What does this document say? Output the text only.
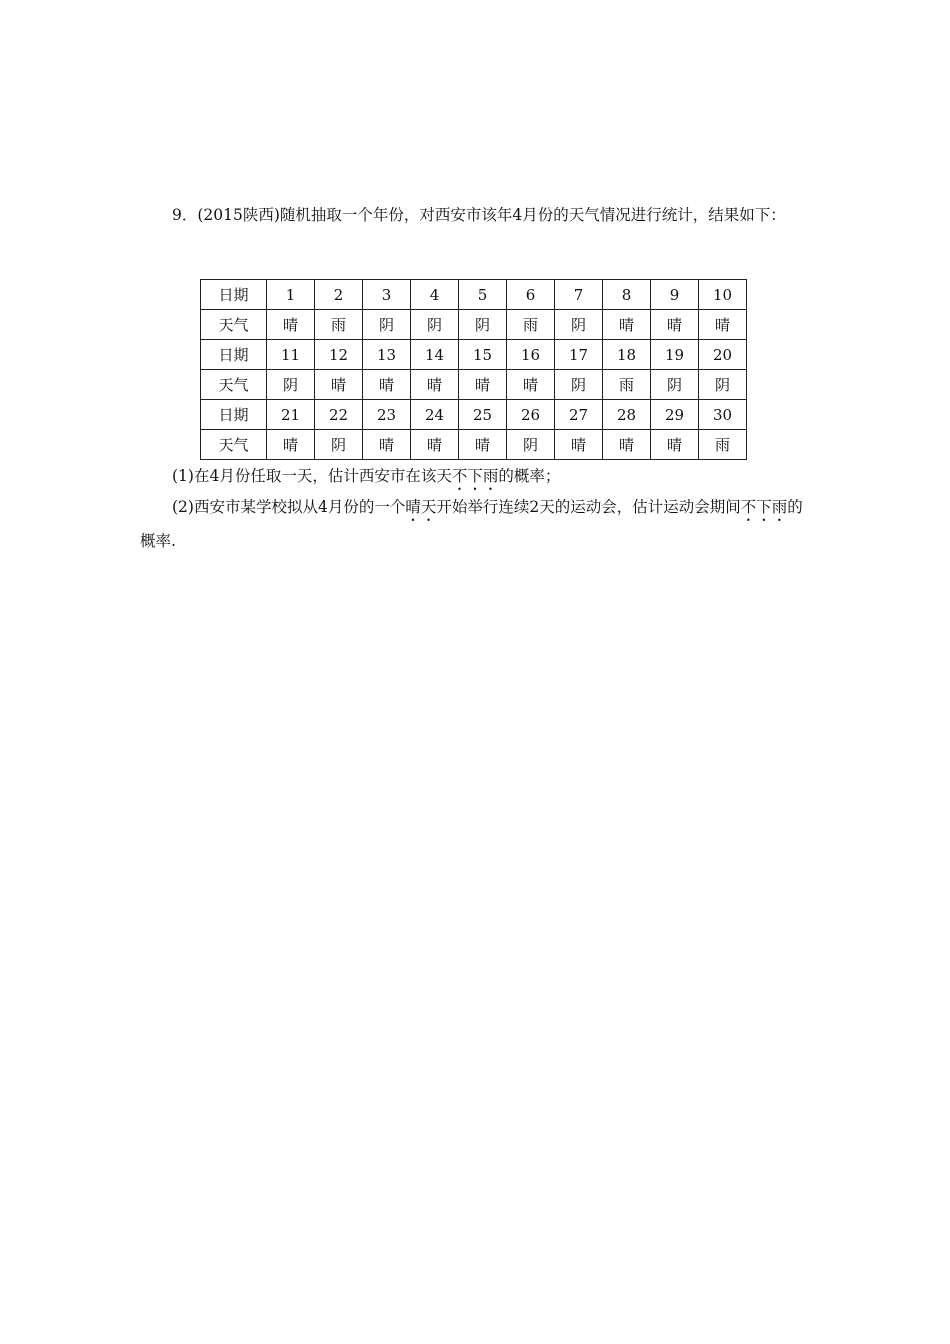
9．(2015陕西)随机抽取一个年份，对西安市该年4月份的天气情况进行统计，结果如下：

日期	1	2	3	4	5	6	7	8	9	10
天气	晴	雨	阴	阴	阴	雨	阴	晴	晴	晴
日期	11	12	13	14	15	16	17	18	19	20
天气	阴	晴	晴	晴	晴	晴	阴	雨	阴	阴
日期	21	22	23	24	25	26	27	28	29	30
天气	晴	阴	晴	晴	晴	阴	晴	晴	晴	雨

(1)在4月份任取一天，估计西安市在该天不下雨的概率；

(2)西安市某学校拟从4月份的一个晴天开始举行连续2天的运动会，估计运动会期间不下雨的概率.
